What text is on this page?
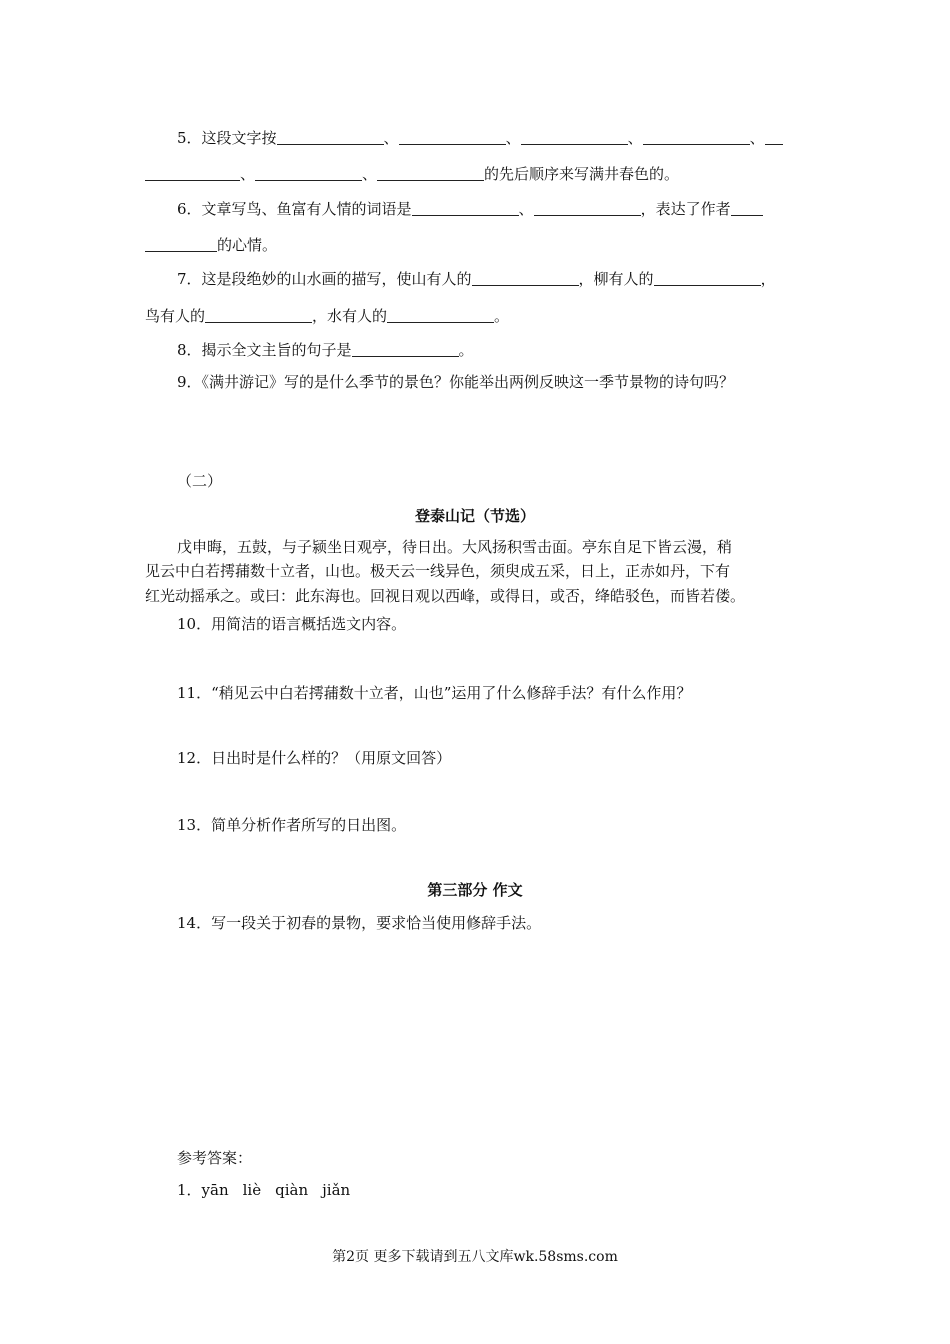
5．这段文字按	、	、	、	、
、	、	的先后顺序来写满井春色的。
6．文章写鸟、鱼富有人情的词语是	、	，表达了作者
的心情。
7．这是段绝妙的山水画的描写，使山有人的	，柳有人的	，
鸟有人的	，水有人的	。
8．揭示全文主旨的句子是	。
9．《满井游记》写的是什么季节的景色？你能举出两例反映这一季节景物的诗句吗？
（二）
登泰山记（节选）
戊申晦，五鼓，与子颍坐日观亭，待日出。大风扬积雪击面。亭东自足下皆云漫，稍
见云中白若摴蒱数十立者，山也。极天云一线异色，须臾成五采，日上，正赤如丹，下有
红光动摇承之。或曰：此东海也。回视日观以西峰，或得日，或否，绛皓驳色，而皆若偻。
10．用简洁的语言概括选文内容。
11．“稍见云中白若摴蒱数十立者，山也”运用了什么修辞手法？有什么作用？
12．日出时是什么样的？（用原文回答）
13．简单分析作者所写的日出图。
第三部分 作文
14．写一段关于初春的景物，要求恰当使用修辞手法。
参考答案：
1．yān liè qiàn jiǎn
第2页 更多下载请到五八文库wk.58sms.com
